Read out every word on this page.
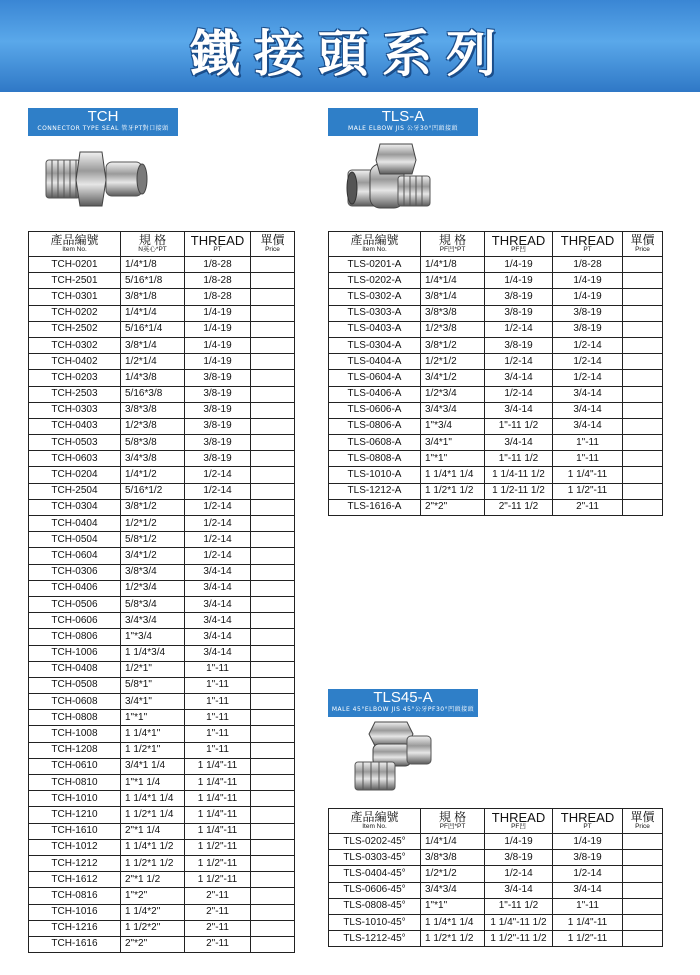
鐵接頭系列
TCH
CONNECTOR TYPE SEAL 管牙PT對口接頭
TLS-A
MALE ELBOW JIS 公牙30°凹頭接頭
TLS45-A
MALE 45°ELBOW JIS 45°公牙PF30°凹頭接頭
產品編號
Item No.	規 格
N英心*PT	THREAD
PT	單價
Price

TCH-0201	1/4*1/8	1/8-28	
TCH-2501	5/16*1/8	1/8-28	
TCH-0301	3/8*1/8	1/8-28	
TCH-0202	1/4*1/4	1/4-19	
TCH-2502	5/16*1/4	1/4-19	
TCH-0302	3/8*1/4	1/4-19	
TCH-0402	1/2*1/4	1/4-19	
TCH-0203	1/4*3/8	3/8-19	
TCH-2503	5/16*3/8	3/8-19	
TCH-0303	3/8*3/8	3/8-19	
TCH-0403	1/2*3/8	3/8-19	
TCH-0503	5/8*3/8	3/8-19	
TCH-0603	3/4*3/8	3/8-19	
TCH-0204	1/4*1/2	1/2-14	
TCH-2504	5/16*1/2	1/2-14	
TCH-0304	3/8*1/2	1/2-14	
TCH-0404	1/2*1/2	1/2-14	
TCH-0504	5/8*1/2	1/2-14	
TCH-0604	3/4*1/2	1/2-14	
TCH-0306	3/8*3/4	3/4-14	
TCH-0406	1/2*3/4	3/4-14	
TCH-0506	5/8*3/4	3/4-14	
TCH-0606	3/4*3/4	3/4-14	
TCH-0806	1"*3/4	3/4-14	
TCH-1006	1 1/4*3/4	3/4-14	
TCH-0408	1/2*1"	1"-11	
TCH-0508	5/8*1"	1"-11	
TCH-0608	3/4*1"	1"-11	
TCH-0808	1"*1"	1"-11	
TCH-1008	1 1/4*1"	1"-11	
TCH-1208	1 1/2*1"	1"-11	
TCH-0610	3/4*1 1/4	1 1/4"-11	
TCH-0810	1"*1 1/4	1 1/4"-11	
TCH-1010	1 1/4*1 1/4	1 1/4"-11	
TCH-1210	1 1/2*1 1/4	1 1/4"-11	
TCH-1610	2"*1 1/4	1 1/4"-11	
TCH-1012	1 1/4*1 1/2	1 1/2"-11	
TCH-1212	1 1/2*1 1/2	1 1/2"-11	
TCH-1612	2"*1 1/2	1 1/2"-11	
TCH-0816	1"*2"	2"-11	
TCH-1016	1 1/4*2"	2"-11	
TCH-1216	1 1/2*2"	2"-11	
TCH-1616	2"*2"	2"-11	
產品編號
Item No.	規 格
PF凹*PT	THREAD
PF凹	THREAD
PT	單價
Price

TLS-0201-A	1/4*1/8	1/4-19	1/8-28	
TLS-0202-A	1/4*1/4	1/4-19	1/4-19	
TLS-0302-A	3/8*1/4	3/8-19	1/4-19	
TLS-0303-A	3/8*3/8	3/8-19	3/8-19	
TLS-0403-A	1/2*3/8	1/2-14	3/8-19	
TLS-0304-A	3/8*1/2	3/8-19	1/2-14	
TLS-0404-A	1/2*1/2	1/2-14	1/2-14	
TLS-0604-A	3/4*1/2	3/4-14	1/2-14	
TLS-0406-A	1/2*3/4	1/2-14	3/4-14	
TLS-0606-A	3/4*3/4	3/4-14	3/4-14	
TLS-0806-A	1"*3/4	1"-11 1/2	3/4-14	
TLS-0608-A	3/4*1"	3/4-14	1"-11	
TLS-0808-A	1"*1"	1"-11 1/2	1"-11	
TLS-1010-A	1 1/4*1 1/4	1 1/4-11 1/2	1 1/4"-11	
TLS-1212-A	1 1/2*1 1/2	1 1/2-11 1/2	1 1/2"-11	
TLS-1616-A	2"*2"	2"-11 1/2	2"-11	
產品編號
Item No.	規 格
PF凹*PT	THREAD
PF凹	THREAD
PT	單價
Price

TLS-0202-45°	1/4*1/4	1/4-19	1/4-19	
TLS-0303-45°	3/8*3/8	3/8-19	3/8-19	
TLS-0404-45°	1/2*1/2	1/2-14	1/2-14	
TLS-0606-45°	3/4*3/4	3/4-14	3/4-14	
TLS-0808-45°	1"*1"	1"-11 1/2	1"-11	
TLS-1010-45°	1 1/4*1 1/4	1 1/4"-11 1/2	1 1/4"-11	
TLS-1212-45°	1 1/2*1 1/2	1 1/2"-11 1/2	1 1/2"-11	
